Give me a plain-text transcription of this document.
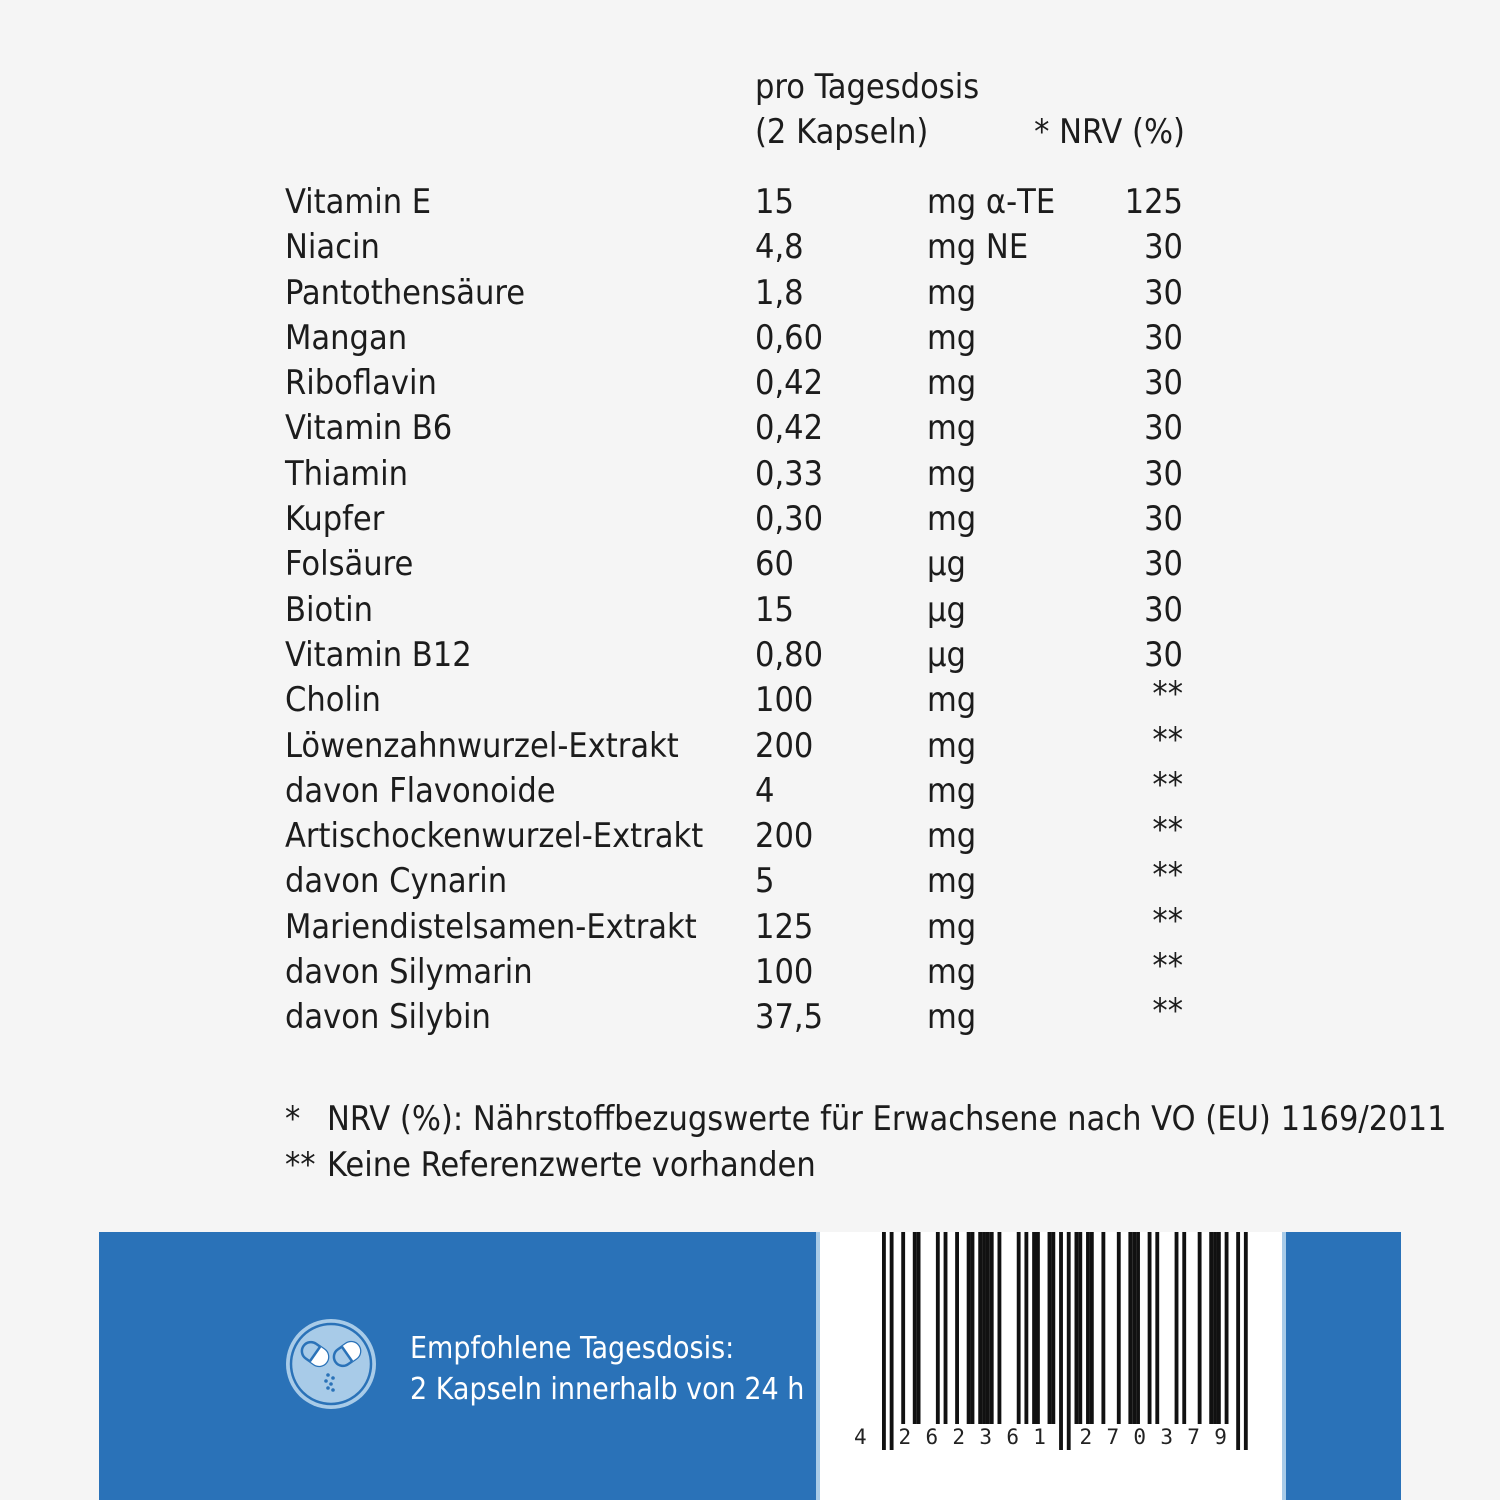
pro Tagesdosis
(2 Kapseln)	* NRV (%)
Vitamin E	15	mg α-TE 125
Niacin	4,8	mg NE	30
Pantothensäure	1,8	mg	30
Mangan	0,60	mg	30
Riboflavin	0,42	mg	30
Vitamin B6	0,42	mg	30
Thiamin	0,33	mg	30
Kupfer	0,30	mg	30
Folsäure	60	µg	30
Biotin	15	µg	30
Vitamin B12	0,80	µg	30
Cholin	100	mg	**
Löwenzahnwurzel-Extrakt 200	mg	**
davon Flavonoide	4	mg	**
Artischockenwurzel-Extrakt 200	mg	**
davon Cynarin	5	mg	**
Mariendistelsamen-Extrakt 125	mg	**
davon Silymarin	100	mg	**
davon Silybin	37,5	mg	**
* NRV (%): Nährstoffbezugswerte für Erwachsene nach VO (EU) 1169/2011
** Keine Referenzwerte vorhanden
Empfohlene Tagesdosis:
2 Kapseln innerhalb von 24 h
4 2 6 2 3 6 1 2 7 0 3 7 9
